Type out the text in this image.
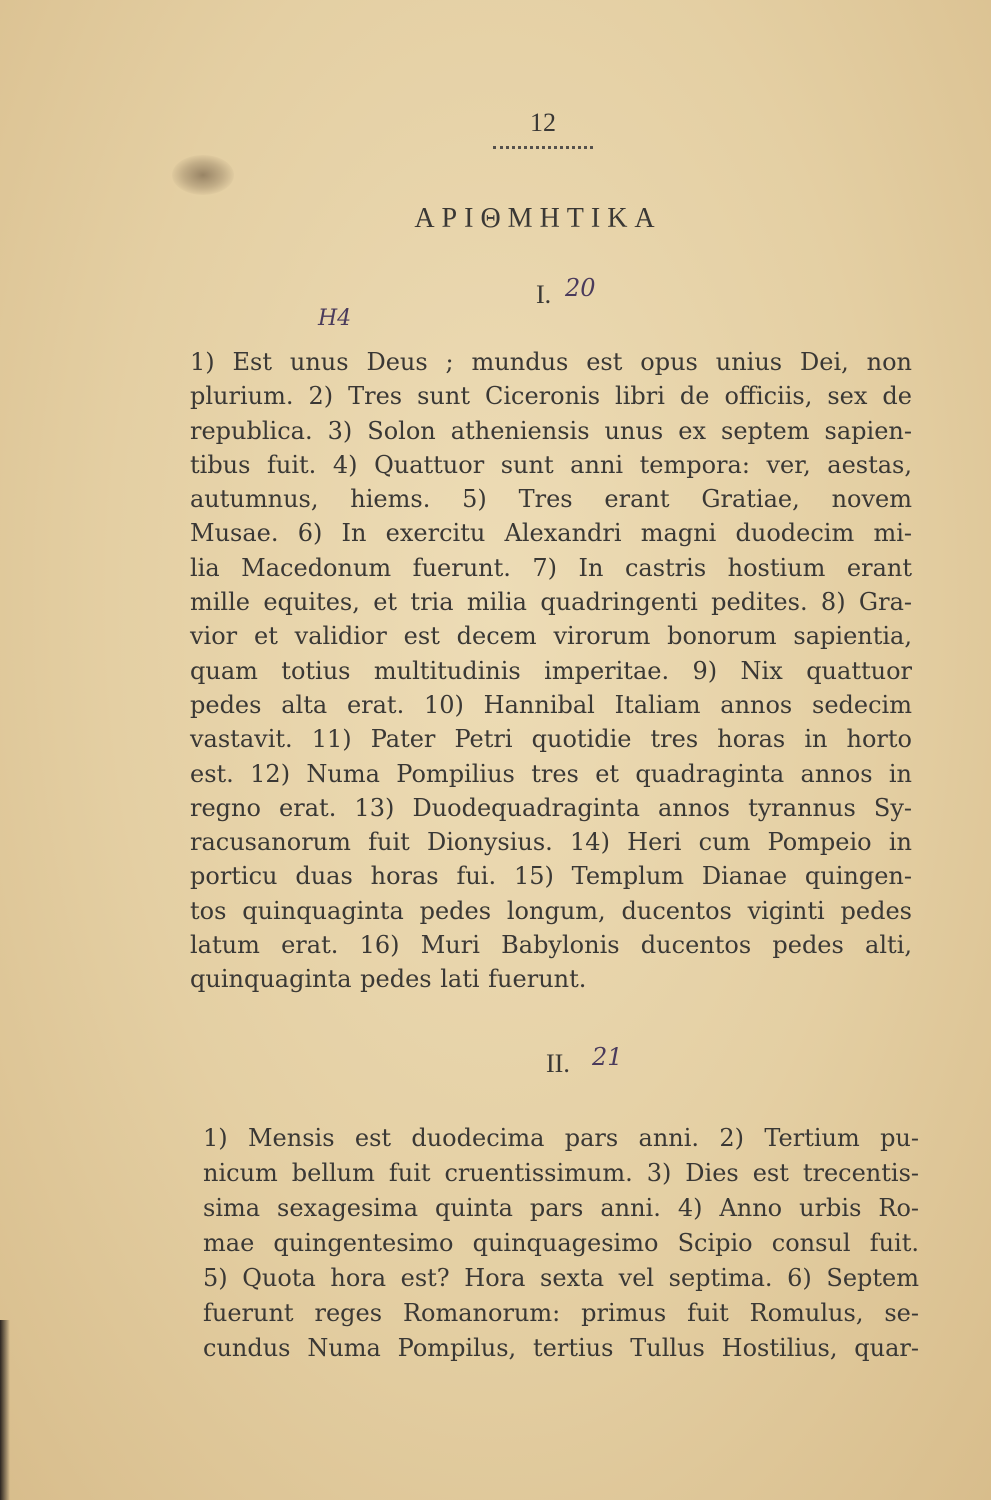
12
ΑΡΙΘΜΗΤΙΚΑ
I. 20
H4
1) Est unus Deus ; mundus est opus unius Dei, non
plurium. 2) Tres sunt Ciceronis libri de officiis, sex de
republica. 3) Solon atheniensis unus ex septem sapien-
tibus fuit. 4) Quattuor sunt anni tempora: ver, aestas,
autumnus, hiems. 5) Tres erant Gratiae, novem
Musae. 6) In exercitu Alexandri magni duodecim mi-
lia Macedonum fuerunt. 7) In castris hostium erant
mille equites, et tria milia quadringenti pedites. 8) Gra-
vior et validior est decem virorum bonorum sapientia,
quam totius multitudinis imperitae. 9) Nix quattuor
pedes alta erat. 10) Hannibal Italiam annos sedecim
vastavit. 11) Pater Petri quotidie tres horas in horto
est. 12) Numa Pompilius tres et quadraginta annos in
regno erat. 13) Duodequadraginta annos tyrannus Sy-
racusanorum fuit Dionysius. 14) Heri cum Pompeio in
porticu duas horas fui. 15) Templum Dianae quingen-
tos quinquaginta pedes longum, ducentos viginti pedes
latum erat. 16) Muri Babylonis ducentos pedes alti,
quinquaginta pedes lati fuerunt.
II. 21
1) Mensis est duodecima pars anni. 2) Tertium pu-
nicum bellum fuit cruentissimum. 3) Dies est trecentis-
sima sexagesima quinta pars anni. 4) Anno urbis Ro-
mae quingentesimo quinquagesimo Scipio consul fuit.
5) Quota hora est? Hora sexta vel septima. 6) Septem
fuerunt reges Romanorum: primus fuit Romulus, se-
cundus Numa Pompilus, tertius Tullus Hostilius, quar-
